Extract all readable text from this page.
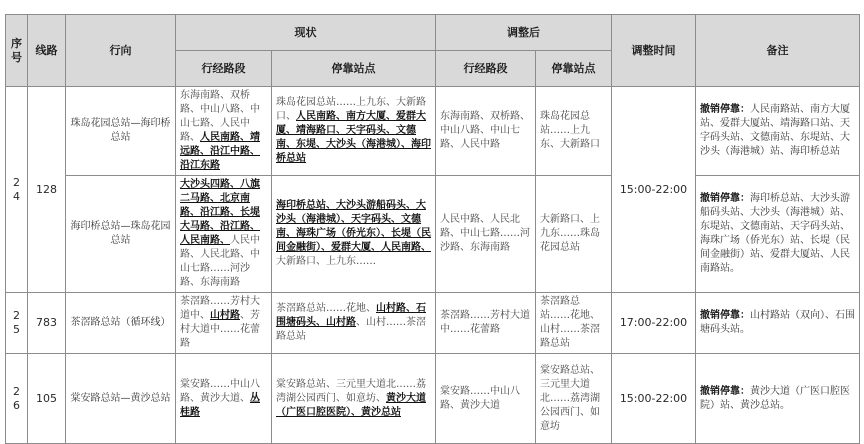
序号	线路	行向	现状		调整后		调整时间	备注
			行经路段	停靠站点	行经路段	停靠站点		
24	128	珠岛花园总站—海印桥总站	东海南路、双桥路、中山八路、中山七路、人民中路、人民南路、靖远路、沿江中路、沿江东路	珠岛花园总站……上九东、大新路口、人民南路、南方大厦、爱群大厦、靖海路口、天字码头、文德南、东堤、大沙头（海港城）、海印桥总站	东海南路、双桥路、中山八路、中山七路、人民中路	珠岛花园总站……上九东、大新路口	15:00-22:00	撤销停靠：人民南路站、南方大厦站、爱群大厦站、靖海路口站、天字码头站、文德南站、东堤站、大沙头（海港城）站、海印桥总站
		海印桥总站—珠岛花园总站	大沙头四路、八旗二马路、北京南路、沿江路、长堤大马路、沿江路、人民南路、人民中路、人民北路、中山七路……河沙路、东海南路	海印桥总站、大沙头游船码头、大沙头（海港城）、天字码头、文德南、海珠广场（侨光东）、长堤（民间金融街）、爱群大厦、人民南路、大新路口、上九东……	人民中路、人民北路、中山七路……河沙路、东海南路	大新路口、上九东……珠岛花园总站		撤销停靠：海印桥总站、大沙头游船码头站、大沙头（海港城）站、东堤站、文德南站、天字码头站、海珠广场（侨光东）站、长堤（民间金融街）站、爱群大厦站、人民南路站。
25	783	茶滘路总站（循环线）	茶滘路……芳村大道中、山村路、芳村大道中……花蕾路	茶滘路总站……花地、山村路、石围塘码头、山村路、山村……茶滘路总站	茶滘路……芳村大道中……花蕾路	茶滘路总站……花地、山村……茶滘路总站	17:00-22:00	撤销停靠：山村路站（双向）、石围塘码头站。
26	105	棠安路总站—黄沙总站	棠安路……中山八路、黄沙大道、丛桂路	棠安路总站、三元里大道北……荔湾湖公园西门、如意坊、黄沙大道（广医口腔医院）、黄沙总站	棠安路……中山八路、黄沙大道	棠安路总站、三元里大道北……荔湾湖公园西门、如意坊	15:00-22:00	撤销停靠：黄沙大道（广医口腔医院）站、黄沙总站。
